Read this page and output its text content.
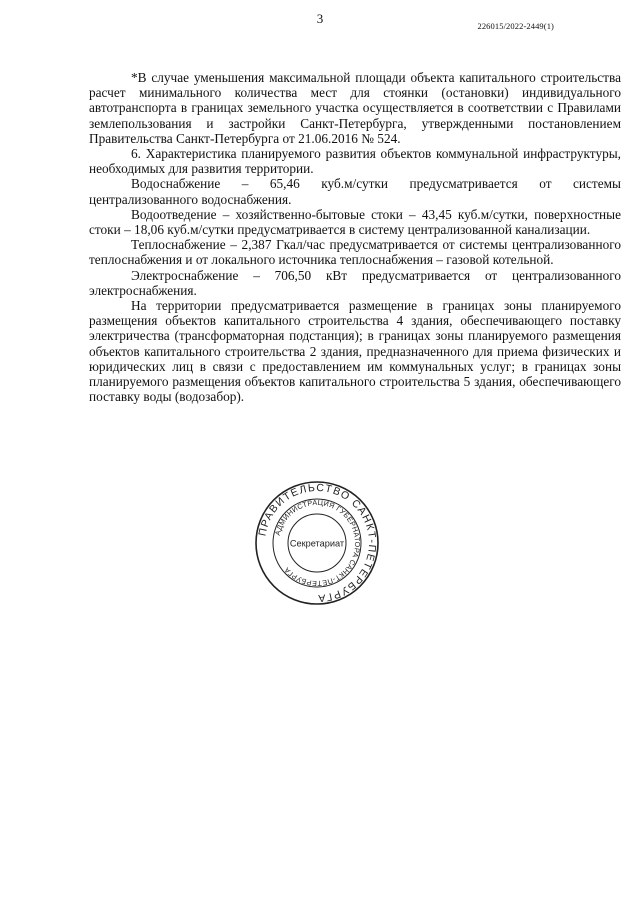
3	226015/2022-2449(1)

*В случае уменьшения максимальной площади объекта капитального строительства расчет минимального количества мест для стоянки (остановки) индивидуального автотранспорта в границах земельного участка осуществляется в соответствии с Правилами землепользования и застройки Санкт-Петербурга, утвержденными постановлением Правительства Санкт-Петербурга от 21.06.2016 № 524.

6. Характеристика планируемого развития объектов коммунальной инфраструктуры, необходимых для развития территории.

Водоснабжение – 65,46 куб.м/сутки предусматривается от системы централизованного водоснабжения.

Водоотведение – хозяйственно-бытовые стоки – 43,45 куб.м/сутки, поверхностные стоки – 18,06 куб.м/сутки предусматривается в систему централизованной канализации.

Теплоснабжение – 2,387 Гкал/час предусматривается от системы централизованного теплоснабжения и от локального источника теплоснабжения – газовой котельной.

Электроснабжение – 706,50 кВт предусматривается от централизованного электроснабжения.

На территории предусматривается размещение в границах зоны планируемого размещения объектов капитального строительства 4 здания, обеспечивающего поставку электричества (трансформаторная подстанция); в границах зоны планируемого размещения объектов капитального строительства 2 здания, предназначенного для приема физических и юридических лиц в связи с предоставлением им коммунальных услуг; в границах зоны планируемого размещения объектов капитального строительства 5 здания, обеспечивающего поставку воды (водозабор).

ПРАВИТЕЛЬСТВО САНКТ-ПЕТЕРБУРГА
АДМИНИСТРАЦИЯ ГУБЕРНАТОРА САНКТ-ПЕТЕРБУРГА
Секретариат
